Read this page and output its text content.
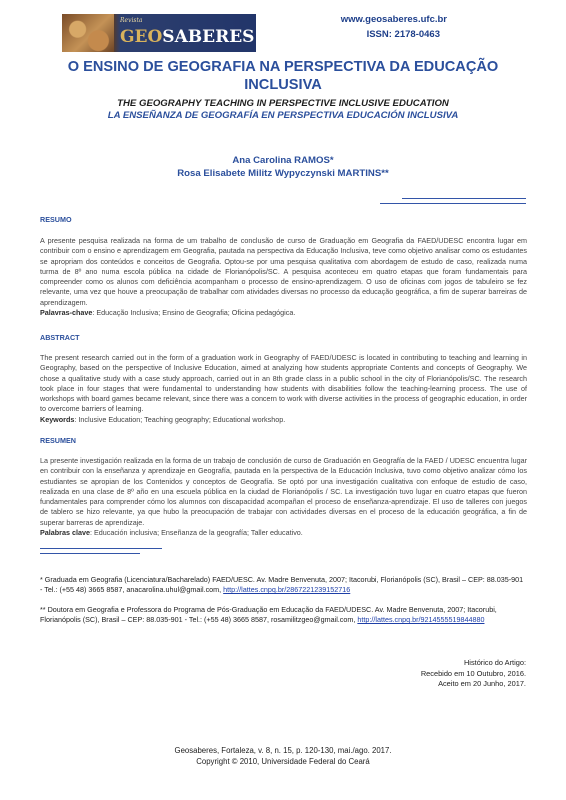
Revista
GEOSABERES
www.geosaberes.ufc.br
ISSN: 2178-0463
O ENSINO DE GEOGRAFIA NA PERSPECTIVA DA EDUCAÇÃO INCLUSIVA
THE GEOGRAPHY TEACHING IN PERSPECTIVE INCLUSIVE EDUCATION
LA ENSEÑANZA DE GEOGRAFÍA EN PERSPECTIVA EDUCACIÓN INCLUSIVA
Ana Carolina RAMOS*
Rosa Elisabete Militz Wypyczynski MARTINS**
RESUMO

A presente pesquisa realizada na forma de um trabalho de conclusão de curso de Graduação em Geografia da FAED/UDESC encontra lugar em contribuir com o ensino e aprendizagem em Geografia, pautada na perspectiva da Educação Inclusiva, teve como objetivo analisar como os estudantes se apropriam dos conteúdos e conceitos de Geografia. Optou-se por uma pesquisa qualitativa com abordagem de estudo de caso, realizada numa turma de 8º ano numa escola pública na cidade de Florianópolis/SC. A pesquisa aconteceu em quatro etapas que foram fundamentais para compreender como os alunos com deficiência acompanham o processo de ensino-aprendizagem. O uso de oficinas com jogos de tabuleiro se fez relevante, uma vez que houve a preocupação de trabalhar com atividades diversas no processo da educação geográfica, a fim de superar barreiras de aprendizagem.
Palavras-chave: Educação Inclusiva; Ensino de Geografia; Oficina pedagógica.

ABSTRACT

The present research carried out in the form of a graduation work in Geography of FAED/UDESC is located in contributing to teaching and learning in Geography, based on the perspective of Inclusive Education, aimed at analyzing how students appropriate Contents and concepts of Geography. We chose a qualitative study with a case study approach, carried out in an 8th grade class in a public school in the city of Florianópolis/SC. The research took place in four stages that were fundamental to understanding how students with disabilities follow the teaching-learning process. The use of workshops with board games became relevant, since there was a concern to work with diverse activities in the process of geographic education, in order to overcome barriers of learning.
Keywords: Inclusive Education; Teaching geography; Educational workshop.

RESUMEN

La presente investigación realizada en la forma de un trabajo de conclusión de curso de Graduación en Geografía de la FAED / UDESC encuentra lugar en contribuir con la enseñanza y aprendizaje en Geografía, pautada en la perspectiva de la Educación Inclusiva, tuvo como objetivo analizar cómo los estudiantes se apropian de los Contenidos y conceptos de Geografía. Se optó por una investigación cualitativa con enfoque de estudio de caso, realizada en una clase de 8º año en una escuela pública en la ciudad de Florianópolis / SC. La investigación tuvo lugar en cuatro etapas que fueron fundamentales para comprender cómo los alumnos con discapacidad acompañan el proceso de enseñanza-aprendizaje. El uso de talleres con juegos de tablero se hizo relevante, ya que hubo la preocupación de trabajar con actividades diversas en el proceso de la educación geográfica, a fin de superar barreras de aprendizaje.
Palabras clave: Educación inclusiva; Enseñanza de la geografía; Taller educativo.

* Graduada em Geografia (Licenciatura/Bacharelado) FAED/UESC. Av. Madre Benvenuta, 2007; Itacorubi, Florianópolis (SC), Brasil – CEP: 88.035-901 - Tel.: (+55 48) 3665 8587, anacarolina.uhul@gmail.com, http://lattes.cnpq.br/2867221239152716

** Doutora em Geografia e Professora do Programa de Pós-Graduação em Educação da FAED/UDESC. Av. Madre Benvenuta, 2007; Itacorubi, Florianópolis (SC), Brasil – CEP: 88.035-901 - Tel.: (+55 48) 3665 8587, rosamilitzgeo@gmail.com, http://lattes.cnpq.br/9214555519844880

Histórico do Artigo:
Recebido em 10 Outubro, 2016.
Aceito em 20 Junho, 2017.
Geosaberes, Fortaleza, v. 8, n. 15, p. 120-130, mai./ago. 2017.
Copyright © 2010, Universidade Federal do Ceará
